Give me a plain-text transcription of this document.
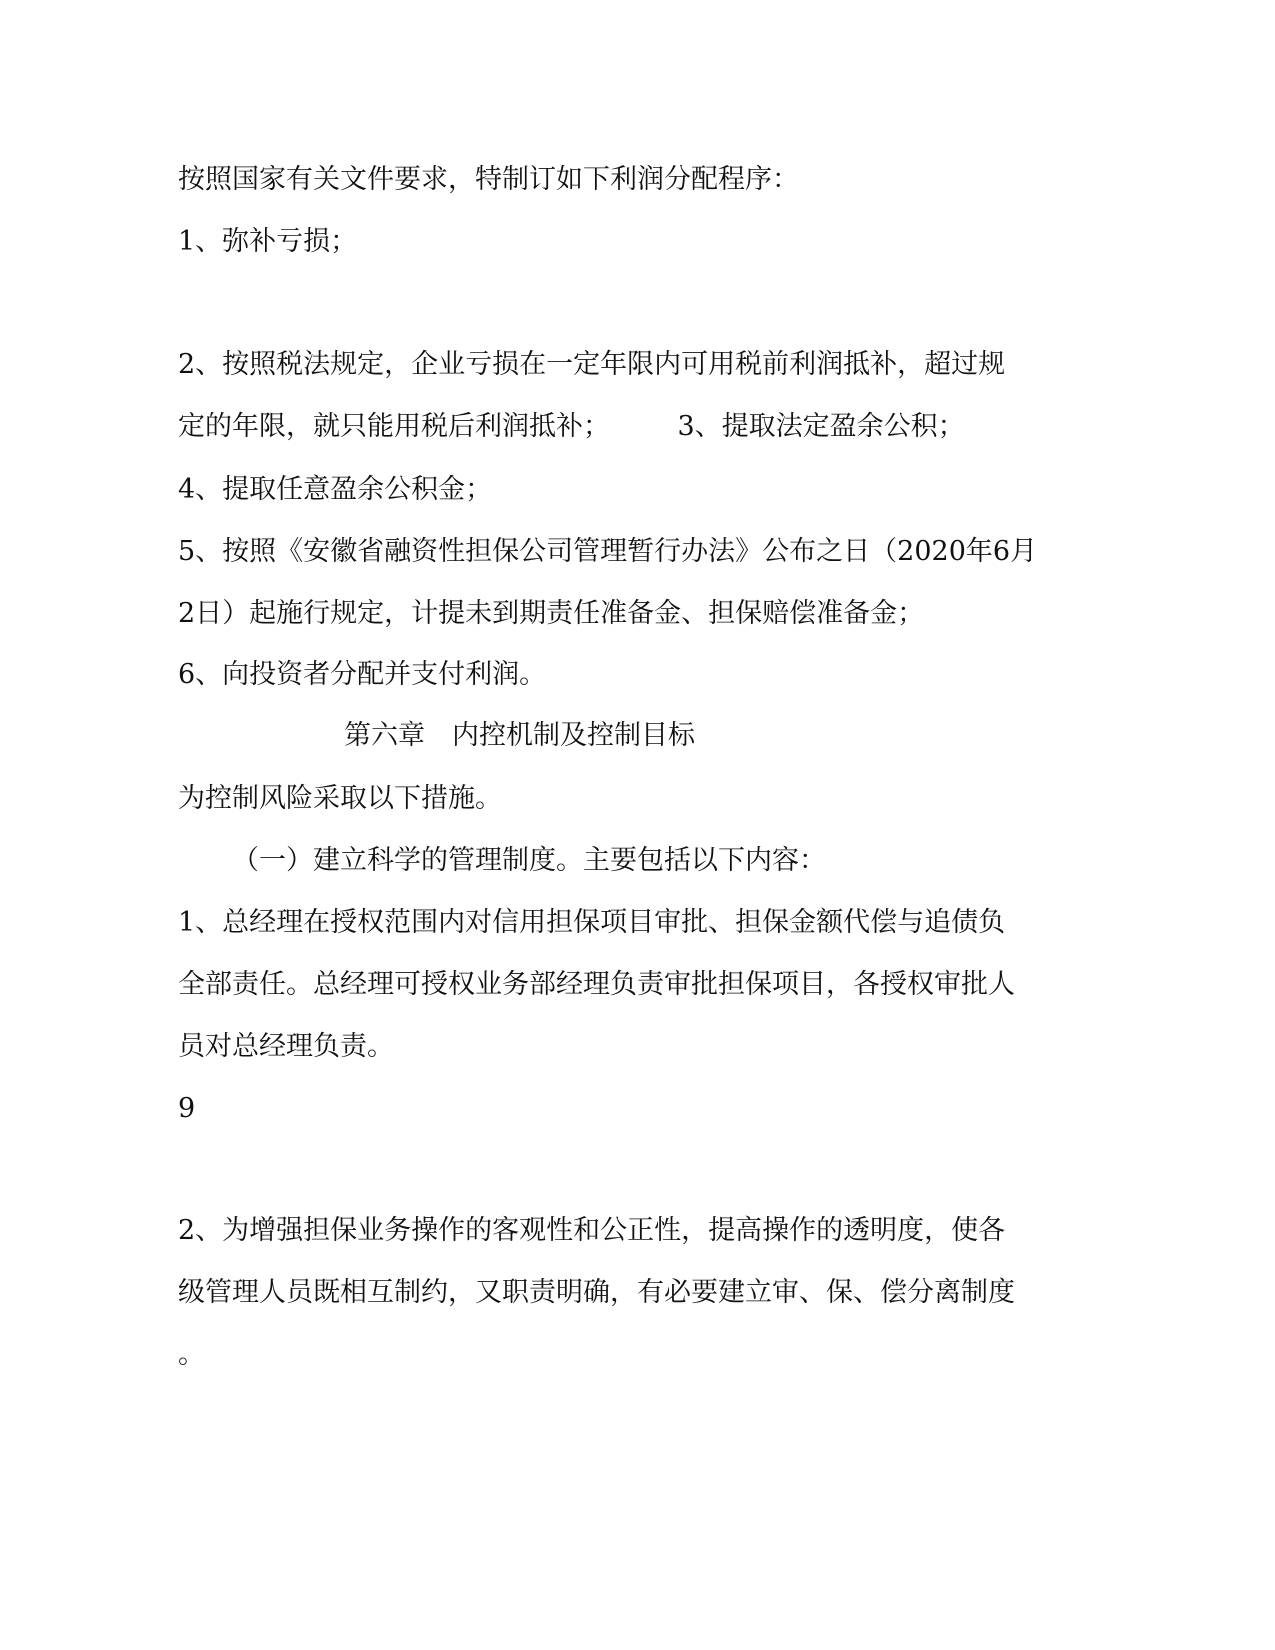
按照国家有关文件要求，特制订如下利润分配程序：
1、弥补亏损；
2、按照税法规定，企业亏损在一定年限内可用税前利润抵补，超过规
定的年限，就只能用税后利润抵补；　　　3、提取法定盈余公积；
4、提取任意盈余公积金；
5、按照《安徽省融资性担保公司管理暂行办法》公布之日（2020年6月
2日）起施行规定，计提未到期责任准备金、担保赔偿准备金；
6、向投资者分配并支付利润。
第六章　内控机制及控制目标
为控制风险采取以下措施。
（一）建立科学的管理制度。主要包括以下内容：
1、总经理在授权范围内对信用担保项目审批、担保金额代偿与追债负
全部责任。总经理可授权业务部经理负责审批担保项目，各授权审批人
员对总经理负责。
9
2、为增强担保业务操作的客观性和公正性，提高操作的透明度，使各
级管理人员既相互制约，又职责明确，有必要建立审、保、偿分离制度
。
